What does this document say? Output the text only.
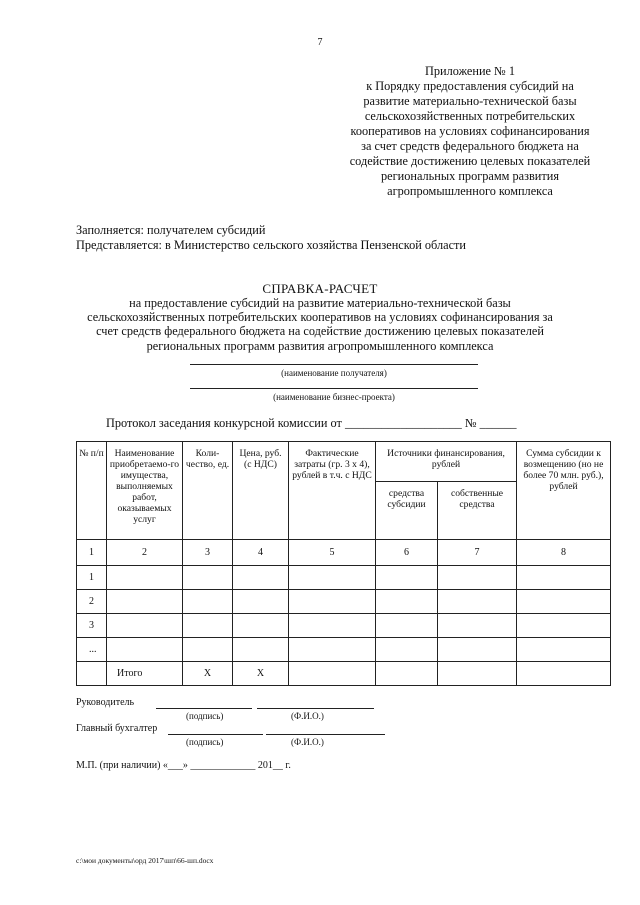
7
Приложение № 1
к Порядку предоставления субсидий на
развитие материально-технической базы
сельскохозяйственных потребительских
кооперативов на условиях софинансирования
за счет средств федерального бюджета на
содействие достижению целевых показателей
региональных программ развития
агропромышленного комплекса
Заполняется: получателем субсидий
Представляется: в Министерство сельского хозяйства Пензенской области
СПРАВКА-РАСЧЕТ
на предоставление субсидий на развитие материально-технической базы
сельскохозяйственных потребительских кооперативов на условиях софинансирования за
счет средств федерального бюджета на содействие достижению целевых показателей
региональных программ развития агропромышленного комплекса
(наименование получателя)
(наименование бизнес-проекта)
Протокол заседания конкурсной комиссии от ___________________ № ______
№ п/п	Наименование приобретаемо-го имущества, выполняемых работ, оказываемых услуг	Коли-чество, ед.	Цена, руб. (с НДС)	Фактические затраты (гр. 3 х 4), рублей в т.ч. с НДС	Источники финансирования, рублей		Сумма субсидии к возмещению (но не более 70 млн. руб.), рублей
					средства субсидии	собственные средства	
1	2	3	4	5	6	7	8
1							
2							
3							
...							
	Итого	Х	Х				
Руководитель
(подпись)	(Ф.И.О.)
Главный бухгалтер
(подпись)	(Ф.И.О.)
М.П. (при наличии) «___» _____________ 201__ г.
c:\мои документы\орд 2017\шп\66-шп.docx
